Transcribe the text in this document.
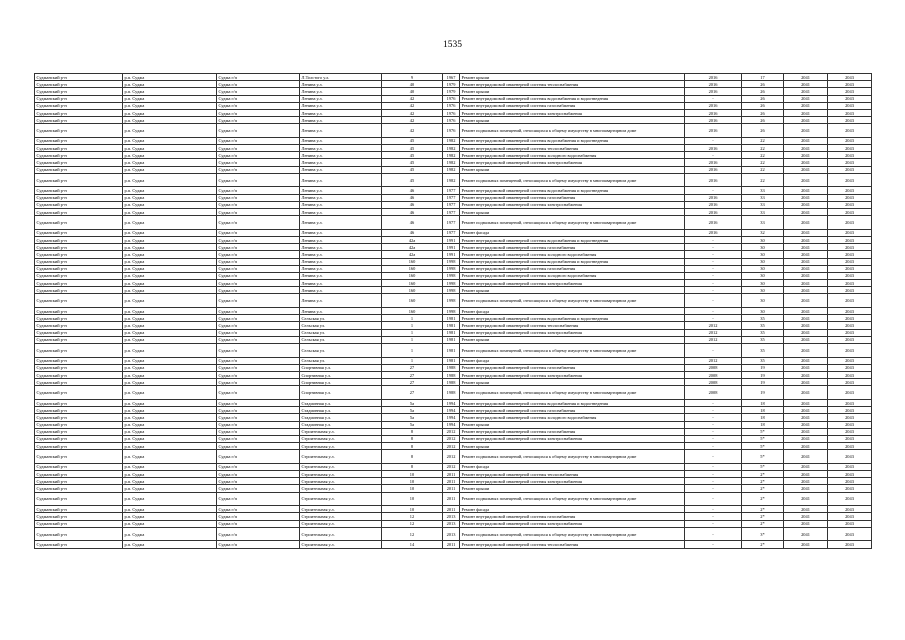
1535
Суджанский р-н	р.п. Суджа	Суджа г/п	Л.Толстого у.л.	9	1967	Ремонт крыши	2016	17	2041	2043
Суджанский р-н	р.п. Суджа	Суджа г/п	Ленина у.л.	40	1979	Ремонт внутридомовой инженерной системы теплоснабжения	2016	26	2041	2043
Суджанский р-н	р.п. Суджа	Суджа г/п	Ленина у.л.	40	1979	Ремонт крыши	2016	26	2041	2043
Суджанский р-н	р.п. Суджа	Суджа г/п	Ленина у.л.	42	1976	Ремонт внутридомовой инженерной системы водоснабжения и водоотведения	-	26	2041	2043
Суджанский р-н	р.п. Суджа	Суджа г/п	Ленина у.л.	42	1976	Ремонт внутридомовой инженерной системы газоснабжения	2016	26	2041	2043
Суджанский р-н	р.п. Суджа	Суджа г/п	Ленина у.л.	42	1976	Ремонт внутридомовой инженерной системы электроснабжения	2016	26	2041	2043
Суджанский р-н	р.п. Суджа	Суджа г/п	Ленина у.л.	42	1976	Ремонт крыши	2016	26	2041	2043
Суджанский р-н	р.п. Суджа	Суджа г/п	Ленина у.л.	42	1976	Ремонт подвальных помещений, относящихся к общему имуществу в многоквартирном доме	2016	26	2041	2043
Суджанский р-н	р.п. Суджа	Суджа г/п	Ленина у.л.	45	1982	Ремонт внутридомовой инженерной системы водоснабжения и водоотведения	-	22	2041	2043
Суджанский р-н	р.п. Суджа	Суджа г/п	Ленина у.л.	45	1982	Ремонт внутридомовой инженерной системы теплоснабжения	2016	22	2041	2043
Суджанский р-н	р.п. Суджа	Суджа г/п	Ленина у.л.	45	1982	Ремонт внутридомовой инженерной системы холодного водоснабжения	-	22	2041	2043
Суджанский р-н	р.п. Суджа	Суджа г/п	Ленина у.л.	45	1982	Ремонт внутридомовой инженерной системы электроснабжения	2016	22	2041	2043
Суджанский р-н	р.п. Суджа	Суджа г/п	Ленина у.л.	45	1982	Ремонт крыши	2016	22	2041	2043
Суджанский р-н	р.п. Суджа	Суджа г/п	Ленина у.л.	45	1982	Ремонт подвальных помещений, относящихся к общему имуществу в многоквартирном доме	2016	22	2041	2043
Суджанский р-н	р.п. Суджа	Суджа г/п	Ленина у.л.	46	1977	Ремонт внутридомовой инженерной системы водоснабжения и водоотведения	-	33	2041	2043
Суджанский р-н	р.п. Суджа	Суджа г/п	Ленина у.л.	46	1977	Ремонт внутридомовой инженерной системы газоснабжения	2016	33	2041	2043
Суджанский р-н	р.п. Суджа	Суджа г/п	Ленина у.л.	46	1977	Ремонт внутридомовой инженерной системы электроснабжения	2016	33	2041	2043
Суджанский р-н	р.п. Суджа	Суджа г/п	Ленина у.л.	46	1977	Ремонт крыши	2016	33	2041	2043
Суджанский р-н	р.п. Суджа	Суджа г/п	Ленина у.л.	46	1977	Ремонт подвальных помещений, относящихся к общему имуществу в многоквартирном доме	2016	33	2041	2043
Суджанский р-н	р.п. Суджа	Суджа г/п	Ленина у.л.	46	1977	Ремонт фасада	2016	32	2041	2043
Суджанский р-н	р.п. Суджа	Суджа г/п	Ленина у.л.	42а	1991	Ремонт внутридомовой инженерной системы водоснабжения и водоотведения	-	30	2041	2043
Суджанский р-н	р.п. Суджа	Суджа г/п	Ленина у.л.	42а	1991	Ремонт внутридомовой инженерной системы газоснабжения	-	30	2041	2043
Суджанский р-н	р.п. Суджа	Суджа г/п	Ленина у.л.	42а	1991	Ремонт внутридомовой инженерной системы холодного водоснабжения	-	30	2041	2043
Суджанский р-н	р.п. Суджа	Суджа г/п	Ленина у.л.	160	1998	Ремонт внутридомовой инженерной системы водоснабжения и водоотведения	-	30	2041	2043
Суджанский р-н	р.п. Суджа	Суджа г/п	Ленина у.л.	160	1998	Ремонт внутридомовой инженерной системы газоснабжения	-	30	2041	2043
Суджанский р-н	р.п. Суджа	Суджа г/п	Ленина у.л.	160	1998	Ремонт внутридомовой инженерной системы холодного водоснабжения	-	30	2041	2043
Суджанский р-н	р.п. Суджа	Суджа г/п	Ленина у.л.	160	1998	Ремонт внутридомовой инженерной системы электроснабжения	-	30	2041	2043
Суджанский р-н	р.п. Суджа	Суджа г/п	Ленина у.л.	160	1998	Ремонт крыши	-	30	2041	2043
Суджанский р-н	р.п. Суджа	Суджа г/п	Ленина у.л.	160	1998	Ремонт подвальных помещений, относящихся к общему имуществу в многоквартирном доме	-	30	2041	2043
Суджанский р-н	р.п. Суджа	Суджа г/п	Ленина у.л.	160	1998	Ремонт фасада	-	30	2041	2043
Суджанский р-н	р.п. Суджа	Суджа г/п	Сельская ул.	1	1981	Ремонт внутридомовой инженерной системы водоснабжения и водоотведения	-	35	2041	2043
Суджанский р-н	р.п. Суджа	Суджа г/п	Сельская ул.	1	1981	Ремонт внутридомовой инженерной системы теплоснабжения	2012	35	2041	2043
Суджанский р-н	р.п. Суджа	Суджа г/п	Сельская ул.	1	1981	Ремонт внутридомовой инженерной системы электроснабжения	2012	35	2041	2043
Суджанский р-н	р.п. Суджа	Суджа г/п	Сельская ул.	1	1981	Ремонт крыши	2012	35	2041	2043
Суджанский р-н	р.п. Суджа	Суджа г/п	Сельская ул.	1	1981	Ремонт подвальных помещений, относящихся к общему имуществу в многоквартирном доме	-	35	2041	2043
Суджанский р-н	р.п. Суджа	Суджа г/п	Сельская ул.	1	1981	Ремонт фасада	2012	35	2041	2043
Суджанский р-н	р.п. Суджа	Суджа г/п	Спортивная у.л.	27	1988	Ремонт внутридомовой инженерной системы газоснабжения	2008	19	2041	2043
Суджанский р-н	р.п. Суджа	Суджа г/п	Спортивная у.л.	27	1988	Ремонт внутридомовой инженерной системы электроснабжения	2008	19	2041	2043
Суджанский р-н	р.п. Суджа	Суджа г/п	Спортивная у.л.	27	1988	Ремонт крыши	2008	19	2041	2043
Суджанский р-н	р.п. Суджа	Суджа г/п	Спортивная у.л.	27	1988	Ремонт подвальных помещений, относящихся к общему имуществу в многоквартирном доме	2008	19	2041	2043
Суджанский р-н	р.п. Суджа	Суджа г/п	Стадионная у.л.	5а	1994	Ремонт внутридомовой инженерной системы водоснабжения и водоотведения	-	18	2041	2043
Суджанский р-н	р.п. Суджа	Суджа г/п	Стадионная у.л.	5а	1994	Ремонт внутридомовой инженерной системы газоснабжения	-	18	2041	2043
Суджанский р-н	р.п. Суджа	Суджа г/п	Стадионная у.л.	5а	1994	Ремонт внутридомовой инженерной системы холодного водоснабжения	-	18	2041	2043
Суджанский р-н	р.п. Суджа	Суджа г/п	Стадионная у.л.	5а	1994	Ремонт крыши	-	18	2041	2043
Суджанский р-н	р.п. Суджа	Суджа г/п	Строительная у.л.	8	2012	Ремонт внутридомовой инженерной системы газоснабжения	-	5*	2041	2043
Суджанский р-н	р.п. Суджа	Суджа г/п	Строительная у.л.	8	2012	Ремонт внутридомовой инженерной системы электроснабжения	-	5*	2041	2043
Суджанский р-н	р.п. Суджа	Суджа г/п	Строительная у.л.	8	2012	Ремонт крыши	-	5*	2041	2043
Суджанский р-н	р.п. Суджа	Суджа г/п	Строительная у.л.	8	2012	Ремонт подвальных помещений, относящихся к общему имуществу в многоквартирном доме	-	5*	2041	2043
Суджанский р-н	р.п. Суджа	Суджа г/п	Строительная у.л.	8	2012	Ремонт фасада	-	5*	2041	2043
Суджанский р-н	р.п. Суджа	Суджа г/п	Строительная у.л.	10	2011	Ремонт внутридомовой инженерной системы теплоснабжения	-	2*	2041	2043
Суджанский р-н	р.п. Суджа	Суджа г/п	Строительная у.л.	10	2011	Ремонт внутридомовой инженерной системы электроснабжения	-	2*	2041	2043
Суджанский р-н	р.п. Суджа	Суджа г/п	Строительная у.л.	10	2011	Ремонт крыши	-	2*	2041	2043
Суджанский р-н	р.п. Суджа	Суджа г/п	Строительная у.л.	10	2011	Ремонт подвальных помещений, относящихся к общему имуществу в многоквартирном доме	-	2*	2041	2043
Суджанский р-н	р.п. Суджа	Суджа г/п	Строительная у.л.	10	2011	Ремонт фасада	-	2*	2041	2043
Суджанский р-н	р.п. Суджа	Суджа г/п	Строительная у.л.	12	2013	Ремонт внутридомовой инженерной системы газоснабжения	-	2*	2041	2043
Суджанский р-н	р.п. Суджа	Суджа г/п	Строительная у.л.	12	2013	Ремонт внутридомовой инженерной системы электроснабжения	-	2*	2041	2043
Суджанский р-н	р.п. Суджа	Суджа г/п	Строительная у.л.	12	2013	Ремонт подвальных помещений, относящихся к общему имуществу в многоквартирном доме	-	3*	2041	2043
Суджанский р-н	р.п. Суджа	Суджа г/п	Строительная у.л.	14	2011	Ремонт внутридомовой инженерной системы теплоснабжения	-	2*	2041	2043
